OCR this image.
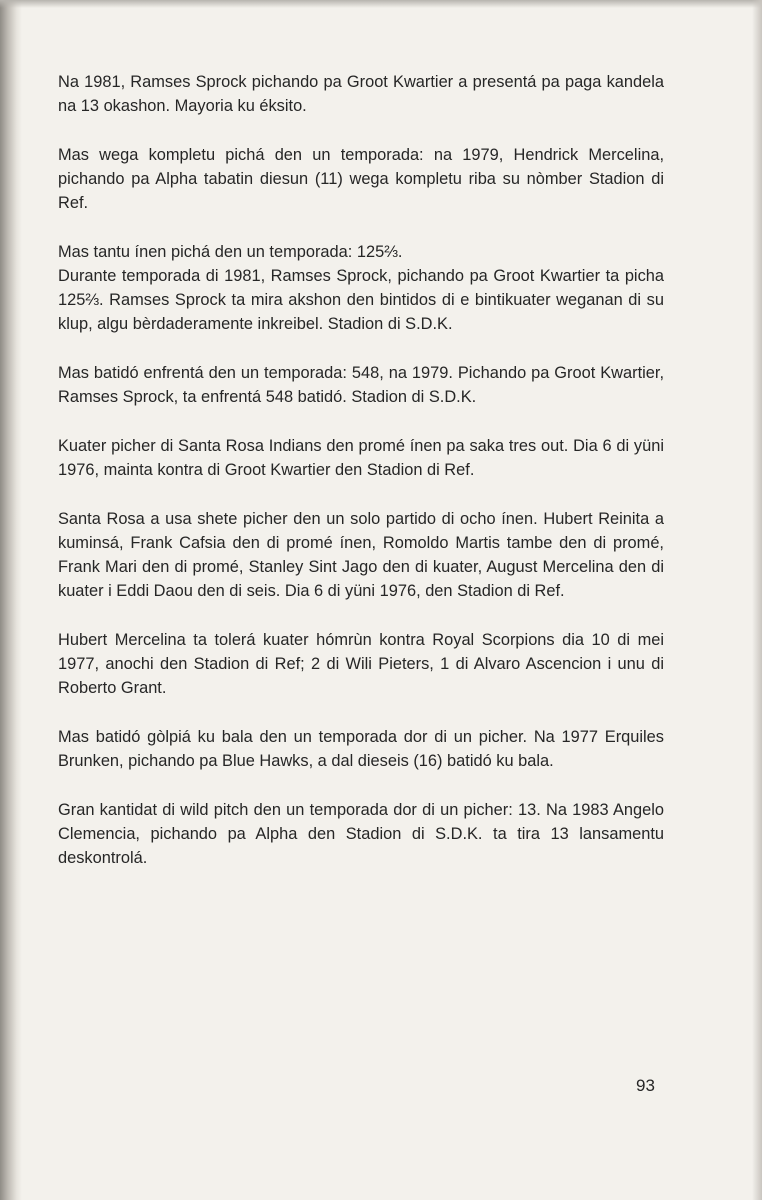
Na 1981, Ramses Sprock pichando pa Groot Kwartier a presentá pa paga kandela na 13 okashon. Mayoria ku éksito.

Mas wega kompletu pichá den un temporada: na 1979, Hendrick Mercelina, pichando pa Alpha tabatin diesun (11) wega kompletu riba su nòmber Stadion di Ref.

Mas tantu ínen pichá den un temporada: 125⅔.
Durante temporada di 1981, Ramses Sprock, pichando pa Groot Kwartier ta picha 125⅔. Ramses Sprock ta mira akshon den bintidos di e bintikuater weganan di su klup, algu bèrdaderamente inkreibel. Stadion di S.D.K.

Mas batidó enfrentá den un temporada: 548, na 1979. Pichando pa Groot Kwartier, Ramses Sprock, ta enfrentá 548 batidó. Stadion di S.D.K.

Kuater picher di Santa Rosa Indians den promé ínen pa saka tres out. Dia 6 di yüni 1976, mainta kontra di Groot Kwartier den Stadion di Ref.

Santa Rosa a usa shete picher den un solo partido di ocho ínen. Hubert Reinita a kuminsá, Frank Cafsia den di promé ínen, Romoldo Martis tambe den di promé, Frank Mari den di promé, Stanley Sint Jago den di kuater, August Mercelina den di kuater i Eddi Daou den di seis. Dia 6 di yüni 1976, den Stadion di Ref.

Hubert Mercelina ta tolerá kuater hómrùn kontra Royal Scorpions dia 10 di mei 1977, anochi den Stadion di Ref; 2 di Wili Pieters, 1 di Alvaro Ascencion i unu di Roberto Grant.

Mas batidó gòlpiá ku bala den un temporada dor di un picher. Na 1977 Erquiles Brunken, pichando pa Blue Hawks, a dal dieseis (16) batidó ku bala.

Gran kantidat di wild pitch den un temporada dor di un picher: 13. Na 1983 Angelo Clemencia, pichando pa Alpha den Stadion di S.D.K. ta tira 13 lansamentu deskontrolá.

93
